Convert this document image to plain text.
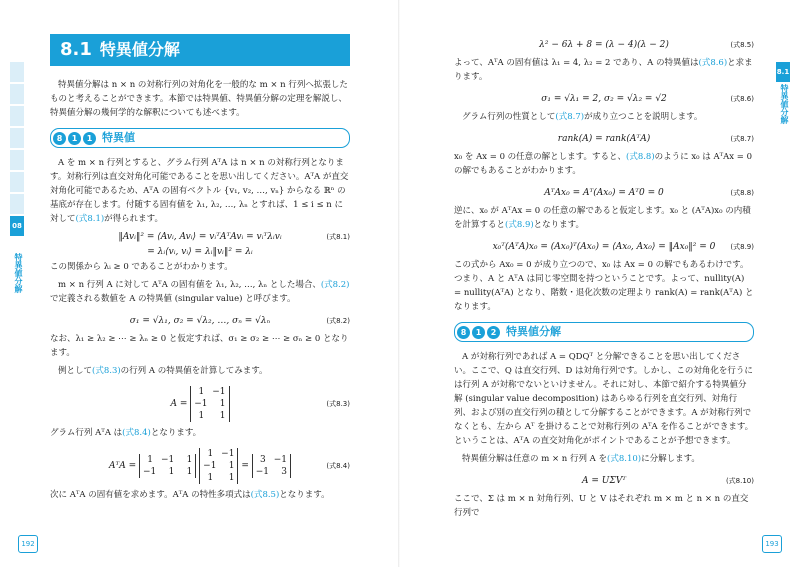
08
特異値分解
192
8.1 特異値分解

特異値分解は n × n の対称行列の対角化を一般的な m × n 行列へ拡張したものと考えることができます。本節では特異値、特異値分解の定理を解説し、特異値分解の幾何学的な解釈についても述べます。

8	1	1 特異値

A を m × n 行列とすると、グラム行列 AᵀA は n × n の対称行列となります。対称行列は直交対角化可能であることを思い出してください。AᵀA が直交対角化可能であるため、AᵀA の固有ベクトル {v₁, v₂, …, vₙ} からなる ℝⁿ の基底が存在します。付随する固有値を λ₁, λ₂, …, λₙ とすれば、1 ≤ i ≤ n に対して(式8.1)が得られます。

‖Avᵢ‖² = ⟨Avᵢ, Avᵢ⟩ = vᵢᵀAᵀAvᵢ = vᵢᵀλᵢvᵢ
= λᵢ⟨vᵢ, vᵢ⟩ = λᵢ‖vᵢ‖² = λᵢ
(式8.1)

この関係から λᵢ ≥ 0 であることがわかります。

m × n 行列 A に対して AᵀA の固有値を λ₁, λ₂, …, λₙ とした場合、(式8.2)で定義される数値を A の特異値 (singular value) と呼びます。

σ₁ = √λ₁, σ₂ = √λ₂, …, σₙ = √λₙ	(式8.2)

なお、λ₁ ≥ λ₂ ≥ ⋯ ≥ λₙ ≥ 0 と仮定すれば、σ₁ ≥ σ₂ ≥ ⋯ ≥ σₙ ≥ 0 となります。

例として(式8.3)の行列 A の特異値を計算してみます。

A =
1 −1
−1	1
1	1
(式8.3)

グラム行列 AᵀA は(式8.4)となります。

AᵀA =
1 −1	1
−1	1	1

1 −1
−1	1
1	1
=
3 −1
−1	3
(式8.4)

次に AᵀA の固有値を求めます。AᵀA の特性多項式は(式8.5)となります。

8.1
特異値分解
193
λ² − 6λ + 8 = (λ − 4)(λ − 2)	(式8.5)

よって、AᵀA の固有値は λ₁ = 4, λ₂ = 2 であり、A の特異値は(式8.6)と求まります。

σ₁ = √λ₁ = 2, σ₂ = √λ₂ = √2	(式8.6)

グラム行列の性質として(式8.7)が成り立つことを説明します。

rank(A) = rank(AᵀA)	(式8.7)

x₀ を Ax = 0 の任意の解とします。すると、(式8.8)のように x₀ は AᵀAx = 0 の解でもあることがわかります。

AᵀAx₀ = Aᵀ(Ax₀) = Aᵀ0 = 0	(式8.8)

逆に、x₀ が AᵀAx = 0 の任意の解であると仮定します。x₀ と (AᵀA)x₀ の内積を計算すると(式8.9)となります。

x₀ᵀ(AᵀA)x₀ = (Ax₀)ᵀ(Ax₀) = ⟨Ax₀, Ax₀⟩ = ‖Ax₀‖² = 0 (式8.9)

この式から Ax₀ = 0 が成り立つので、x₀ は Ax = 0 の解でもあるわけです。つまり、A と AᵀA は同じ零空間を持つということです。よって、nullity(A) = nullity(AᵀA) となり、階数・退化次数の定理より rank(A) = rank(AᵀA) となります。

8	1	2 特異値分解

A が対称行列であれば A = QDQᵀ と分解できることを思い出してください。ここで、Q は直交行列、D は対角行列です。しかし、この対角化を行うには行列 A が対称でないといけません。それに対し、本節で紹介する特異値分解 (singular value decomposition) はあらゆる行列を直交行列、対角行列、および別の直交行列の積として分解することができます。A が対称行列でなくとも、左から Aᵀ を掛けることで対称行列の AᵀA を作ることができます。ということは、AᵀA の直交対角化がポイントであることが予想できます。

特異値分解は任意の m × n 行列 A を(式8.10)に分解します。

A = UΣVᵀ	(式8.10)

ここで、Σ は m × n 対角行列、U と V はそれぞれ m × m と n × n の直交行列で
